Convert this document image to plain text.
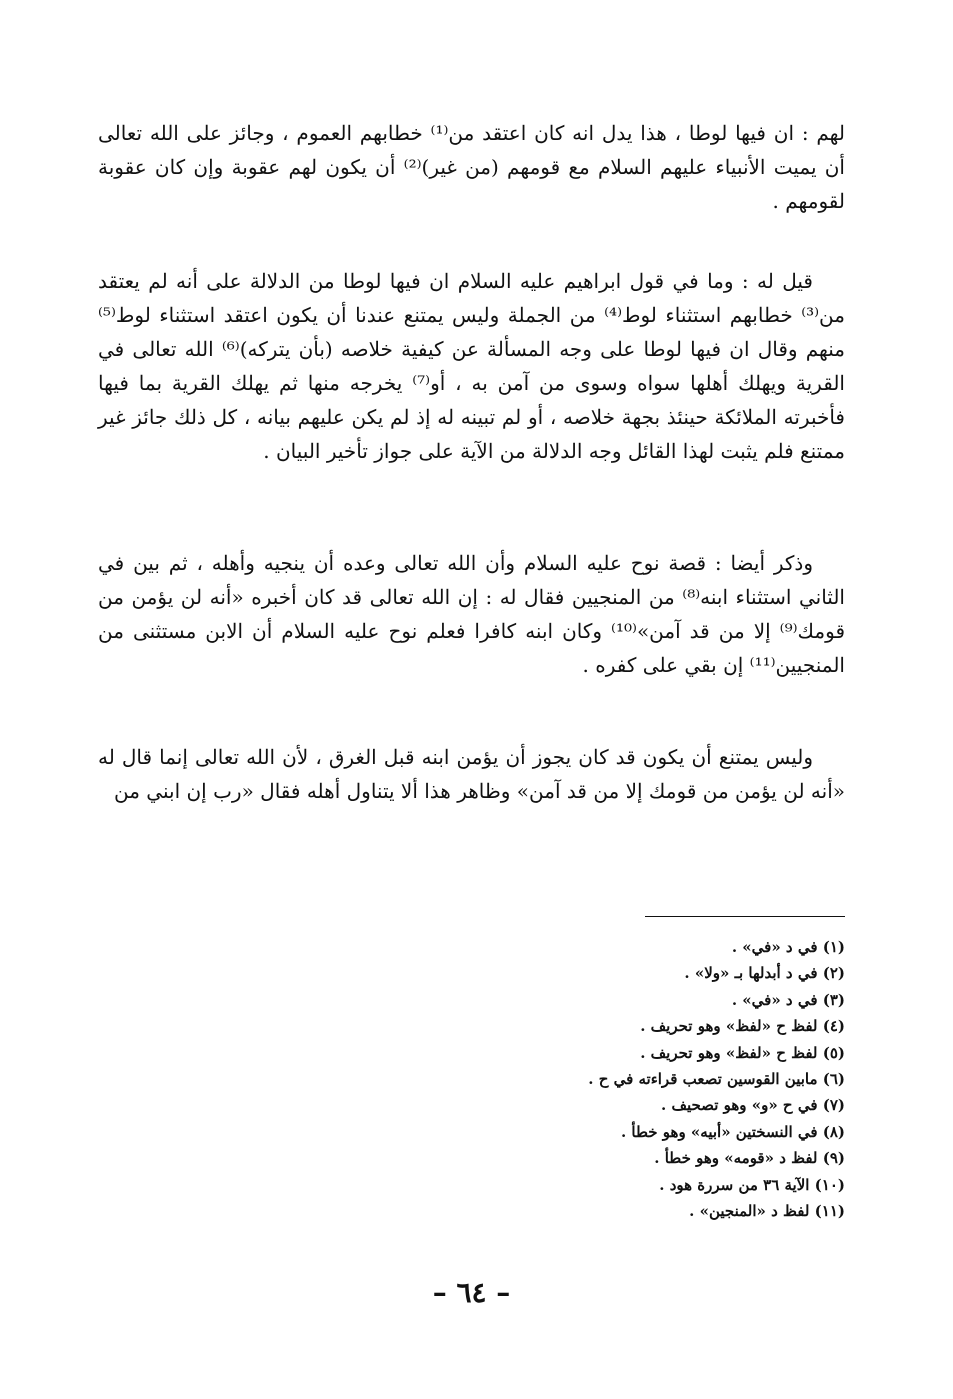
لهم : ان فيها لوطا ، هذا يدل انه كان اعتقد من⁽¹⁾ خطابهم العموم ، وجائز على الله تعالى أن يميت الأنبياء عليهم السلام مع قومهم (من غير)⁽²⁾ أن يكون لهم عقوبة وإن كان عقوبة لقومهم .

قيل له : وما في قول ابراهيم عليه السلام ان فيها لوطا من الدلالة على أنه لم يعتقد من⁽³⁾ خطابهم استثناء لوط⁽⁴⁾ من الجملة وليس يمتنع عندنا أن يكون اعتقد استثناء لوط⁽⁵⁾ منهم وقال ان فيها لوطا على وجه المسألة عن كيفية خلاصه (بأن يتركه)⁽⁶⁾ الله تعالى في القرية ويهلك أهلها سواه وسوى من آمن به ، أو⁽⁷⁾ يخرجه منها ثم يهلك القرية بما فيها فأخبرته الملائكة حينئذ بجهة خلاصه ، أو لم تبينه له إذ لم يكن عليهم بيانه ، كل ذلك جائز غير ممتنع فلم يثبت لهذا القائل وجه الدلالة من الآية على جواز تأخير البيان .

وذكر أيضا : قصة نوح عليه السلام وأن الله تعالى وعده أن ينجيه وأهله ، ثم بين في الثاني استثناء ابنه⁽⁸⁾ من المنجيين فقال له : إن الله تعالى قد كان أخبره «أنه لن يؤمن من قومك⁽⁹⁾ إلا من قد آمن»⁽¹⁰⁾ وكان ابنه كافرا فعلم نوح عليه السلام أن الابن مستثنى من المنجيين⁽¹¹⁾ إن بقي على كفره .

وليس يمتنع أن يكون قد كان يجوز أن يؤمن ابنه قبل الغرق ، لأن الله تعالى إنما قال له «أنه لن يؤمن من قومك إلا من قد آمن» وظاهر هذا ألا يتناول أهله فقال «رب إن ابني من

(١) في د «في» .
(٢) في د أبدلها بـ «ولا» .
(٣) في د «في» .
(٤) لفظ ح «لفظ» وهو تحريف .
(٥) لفظ ح «لفظ» وهو تحريف .
(٦) مابين القوسين تصعب قراءته في ح .
(٧) في ح «و» وهو تصحيف .
(٨) في النسختين «أبيه» وهو خطأ .
(٩) لفظ د «قومه» وهو خطأ .
(١٠) الآية ٣٦ من سررة هود .
(١١) لفظ د «المنجين» .
– ٦٤ –
